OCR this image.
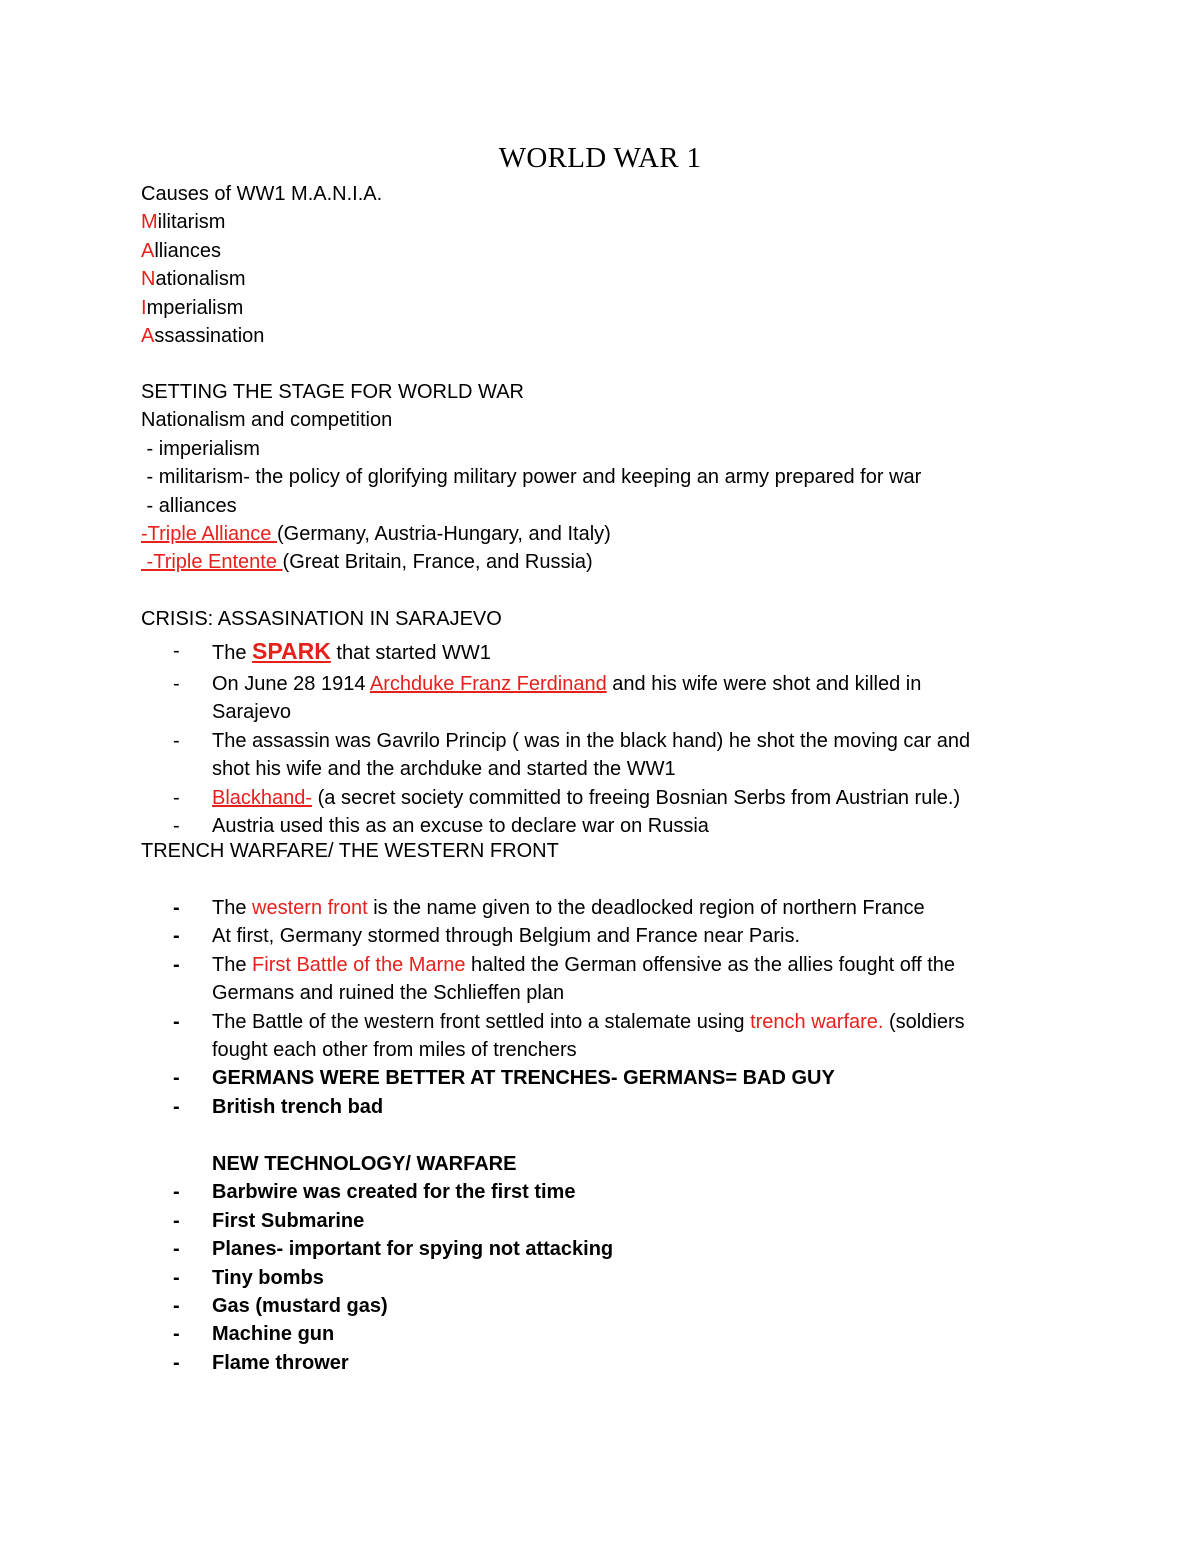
WORLD WAR 1
Causes of WW1 M.A.N.I.A.
Militarism
Alliances
Nationalism
Imperialism
Assassination
SETTING THE STAGE FOR WORLD WAR
Nationalism and competition
- imperialism
- militarism- the policy of glorifying military power and keeping an army prepared for war
- alliances
-Triple Alliance (Germany, Austria-Hungary, and Italy)
-Triple Entente (Great Britain, France, and Russia)
CRISIS: ASSASINATION IN SARAJEVO
- The SPARK that started WW1
- On June 28 1914 Archduke Franz Ferdinand and his wife were shot and killed in
Sarajevo
- The assassin was Gavrilo Princip ( was in the black hand) he shot the moving car and
shot his wife and the archduke and started the WW1
- Blackhand- (a secret society committed to freeing Bosnian Serbs from Austrian rule.)
- Austria used this as an excuse to declare war on Russia
TRENCH WARFARE/ THE WESTERN FRONT
- The western front is the name given to the deadlocked region of northern France
- At first, Germany stormed through Belgium and France near Paris.
- The First Battle of the Marne halted the German offensive as the allies fought off the
Germans and ruined the Schlieffen plan
- The Battle of the western front settled into a stalemate using trench warfare. (soldiers
fought each other from miles of trenchers
- GERMANS WERE BETTER AT TRENCHES- GERMANS= BAD GUY
- British trench bad
NEW TECHNOLOGY/ WARFARE
- Barbwire was created for the first time
- First Submarine
- Planes- important for spying not attacking
- Tiny bombs
- Gas (mustard gas)
- Machine gun
- Flame thrower
